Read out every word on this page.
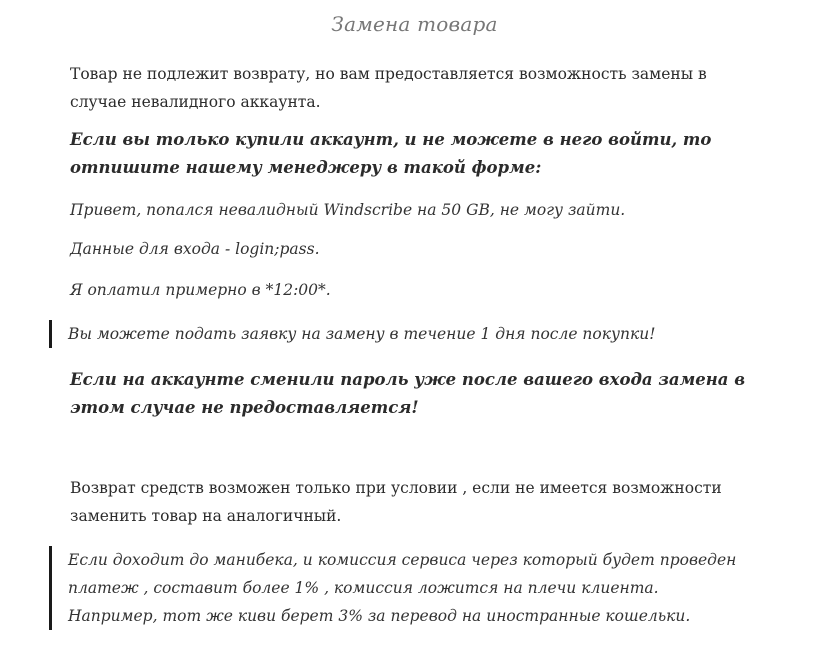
Замена товара
Товар не подлежит возврату, но вам предоставляется возможность замены в
случае невалидного аккаунта.
Если вы только купили аккаунт, и не можете в него войти, то
отпишите нашему менеджеру в такой форме:
Привет, попался невалидный Windscribe на 50 GB, не могу зайти.
Данные для входа - login;pass.
Я оплатил примерно в *12:00*.
Вы можете подать заявку на замену в течение 1 дня после покупки!
Если на аккаунте сменили пароль уже после вашего входа замена в
этом случае не предоставляется!
Возврат средств возможен только при условии , если не имеется возможности
заменить товар на аналогичный.
Если доходит до манибека, и комиссия сервиса через который будет проведен
платеж , составит более 1% , комиссия ложится на плечи клиента.
Например, тот же киви берет 3% за перевод на иностранные кошельки.
